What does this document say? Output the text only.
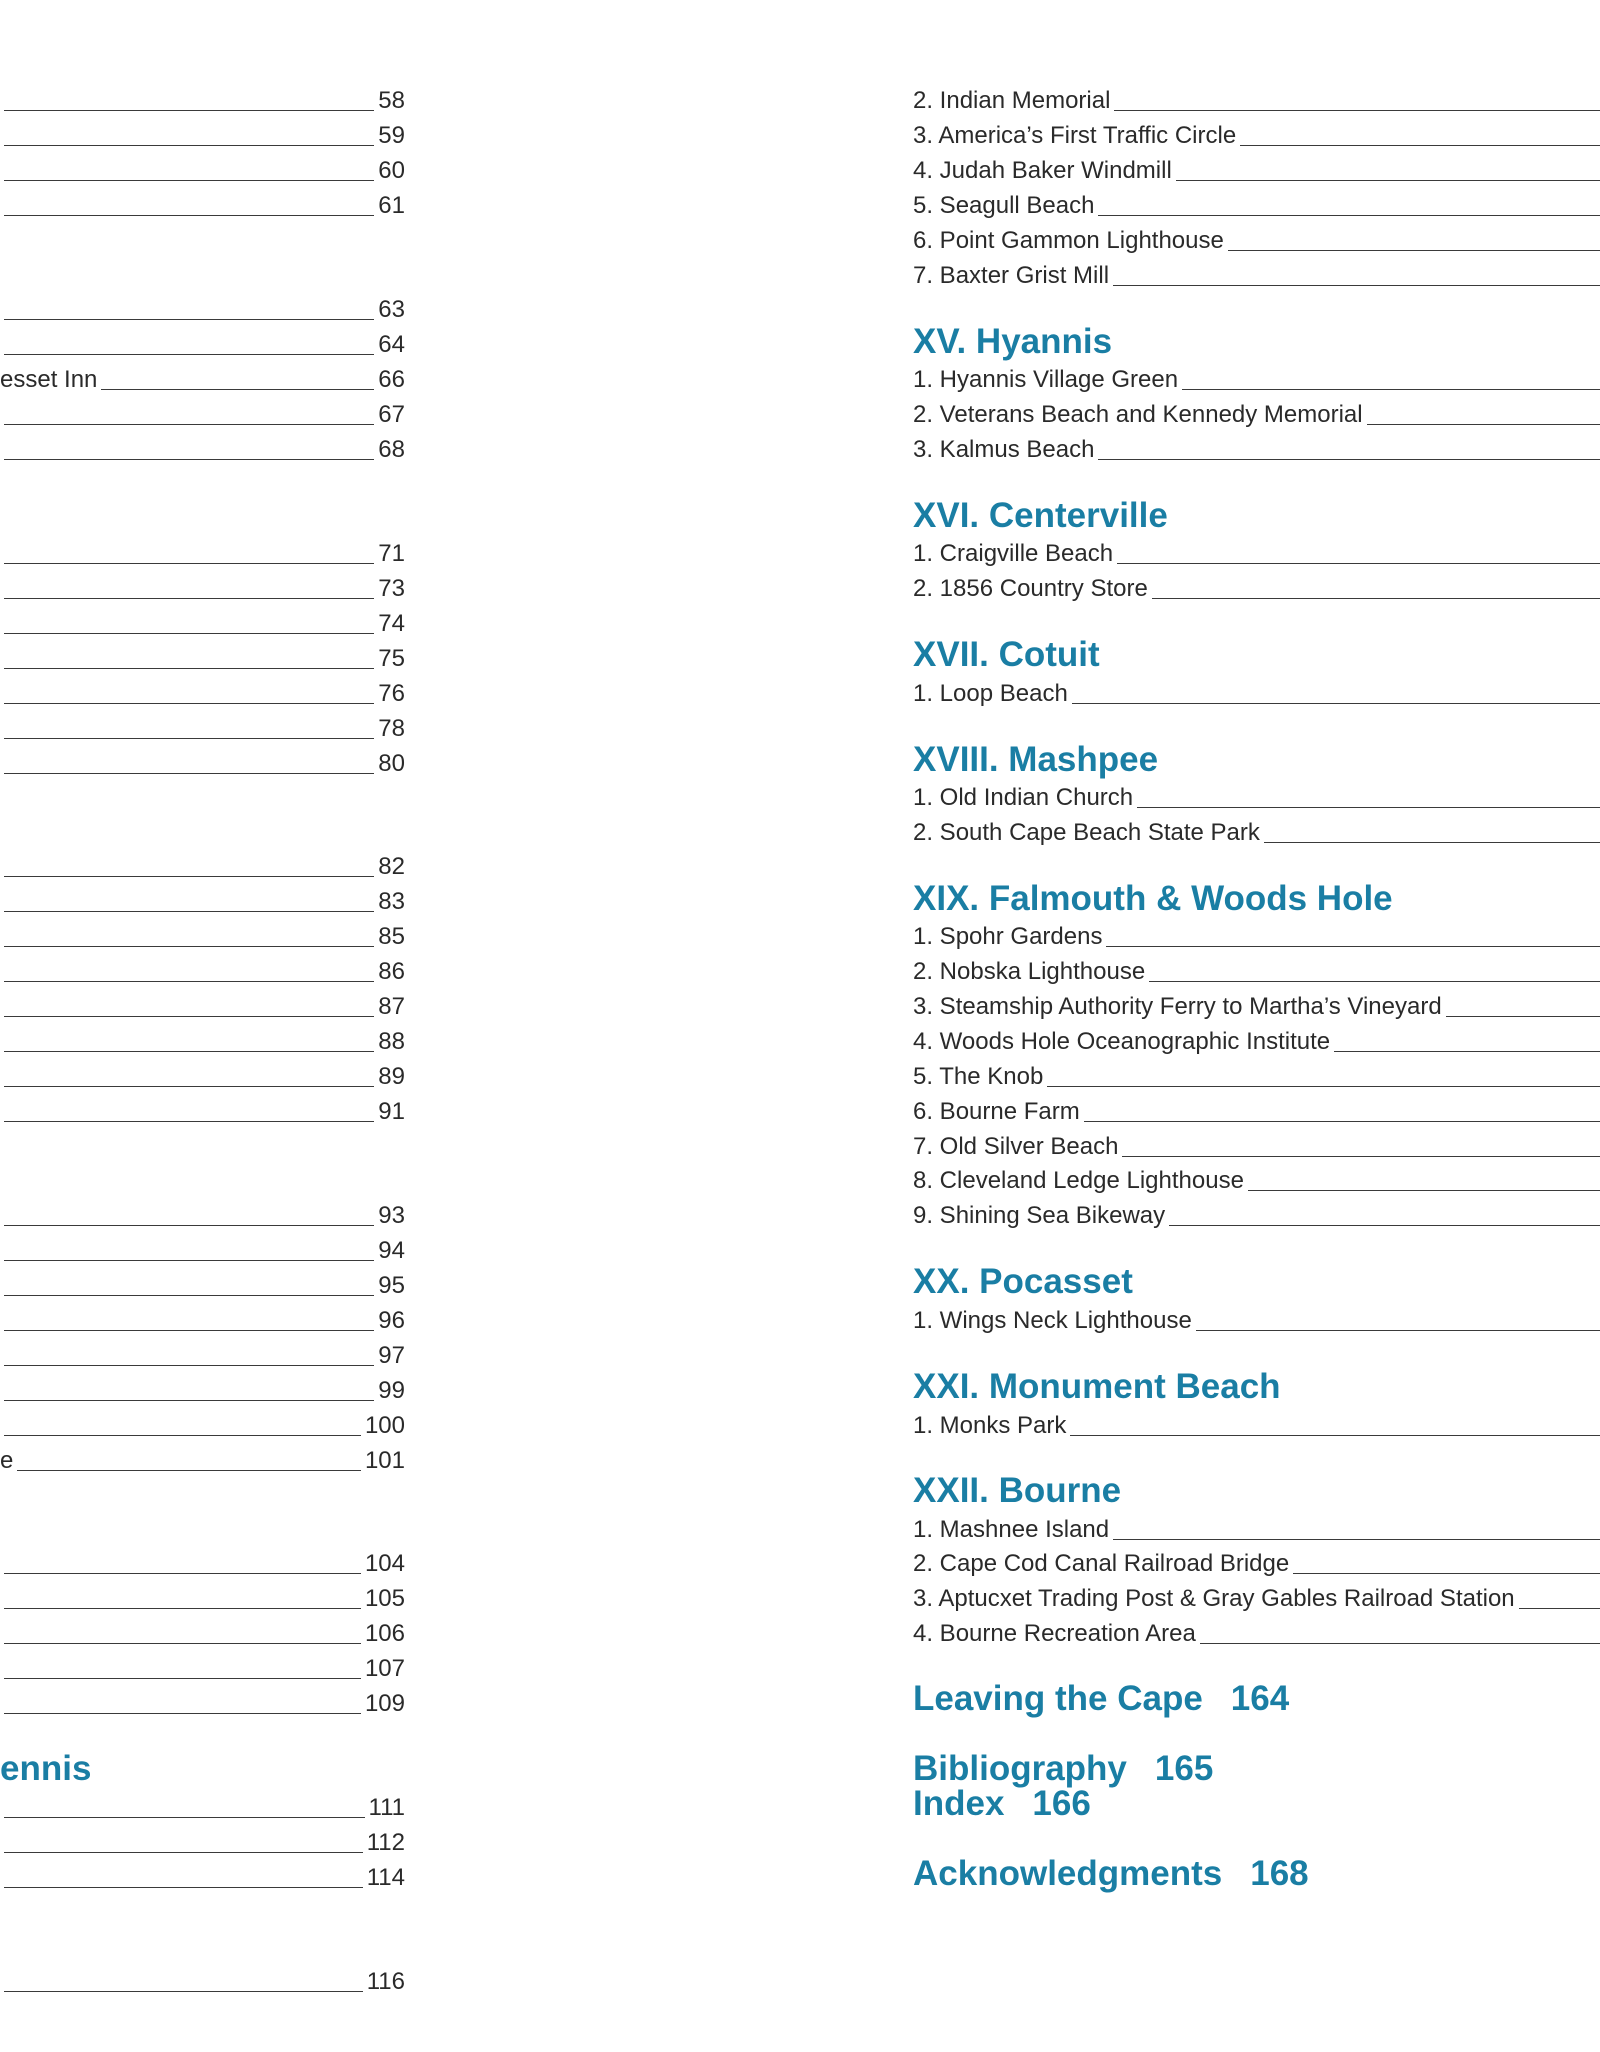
58
59
60
61
63
64
esset Inn	66
67
68
71
73
74
75
76
78
80
82
83
85
86
87
88
89
91
93
94
95
96
97
99
100
e	101
104
105
106
107
109
ennis
111
112
114
116
2. Indian Memorial
3. America’s First Traffic Circle
4. Judah Baker Windmill
5. Seagull Beach
6. Point Gammon Lighthouse
7. Baxter Grist Mill
XV. Hyannis
1. Hyannis Village Green
2. Veterans Beach and Kennedy Memorial
3. Kalmus Beach
XVI. Centerville
1. Craigville Beach
2. 1856 Country Store
XVII. Cotuit
1. Loop Beach
XVIII. Mashpee
1. Old Indian Church
2. South Cape Beach State Park
XIX. Falmouth & Woods Hole
1. Spohr Gardens
2. Nobska Lighthouse
3. Steamship Authority Ferry to Martha’s Vineyard
4. Woods Hole Oceanographic Institute
5. The Knob
6. Bourne Farm
7. Old Silver Beach
8. Cleveland Ledge Lighthouse
9. Shining Sea Bikeway
XX. Pocasset
1. Wings Neck Lighthouse
XXI. Monument Beach
1. Monks Park
XXII. Bourne
1. Mashnee Island
2. Cape Cod Canal Railroad Bridge
3. Aptucxet Trading Post & Gray Gables Railroad Station
4. Bourne Recreation Area
Leaving the Cape 164
Bibliography 165
Index 166
Acknowledgments 168
